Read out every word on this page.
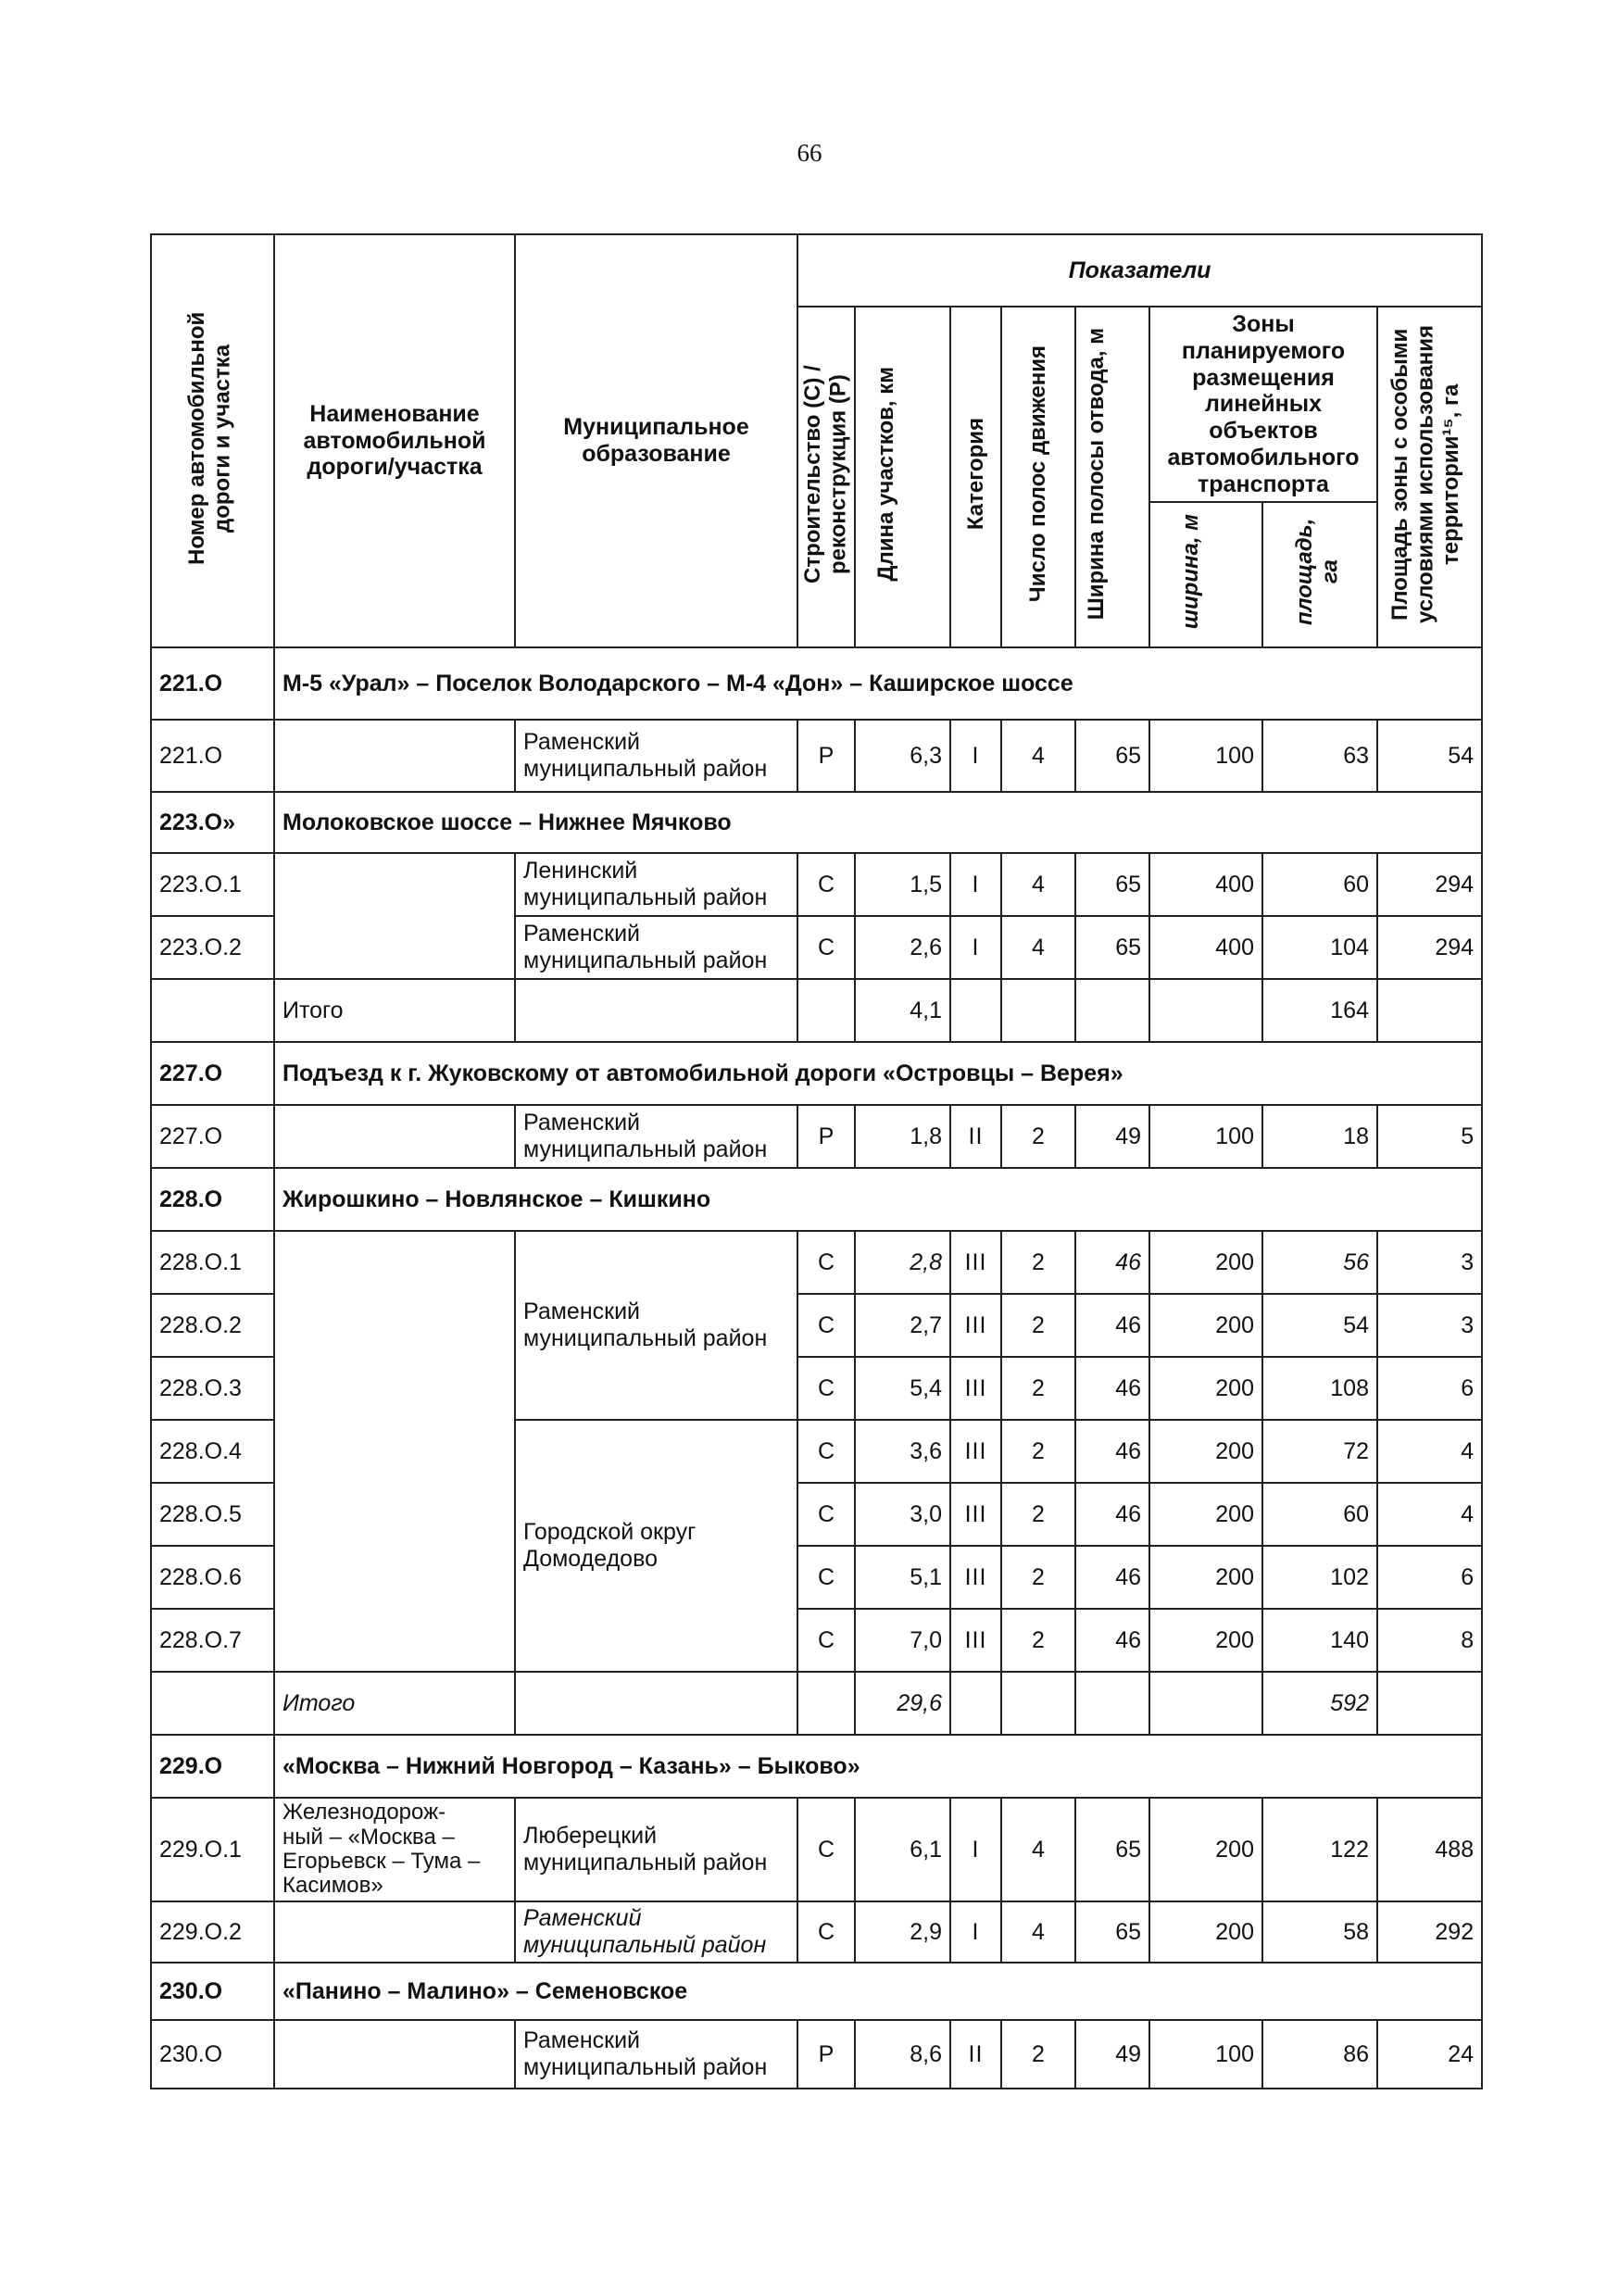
66
Номер автомобильной дороги и участка	Наименование автомобильной дороги/участка	Муниципальное образование	Показатели							
			Строительство (С) / реконструкция (Р)	Длина участков, км	Категория	Число полос движения	Ширина полосы отвода, м	Зоны планируемого размещения линейных объектов автомобильного транспорта		Площадь зоны с особыми условиями использования территории¹⁵, га
								ширина, м	площадь, га	
221.О	М-5 «Урал» – Поселок Володарского – М-4 «Дон» – Каширское шоссе									
221.О		Раменский муниципальный район	Р	6,3	I	4	65	100	63	54
223.О»	Молоковское шоссе – Нижнее Мячково									
223.О.1		Ленинский муниципальный район	С	1,5	I	4	65	400	60	294
223.О.2		Раменский муниципальный район	С	2,6	I	4	65	400	104	294
	Итого			4,1					164	
227.О	Подъезд к г. Жуковскому от автомобильной дороги «Островцы – Верея»									
227.О		Раменский муниципальный район	Р	1,8	II	2	49	100	18	5
228.О	Жирошкино – Новлянское – Кишкино									
228.О.1		Раменский муниципальный район	С	2,8	III	2	46	200	56	3
228.О.2			С	2,7	III	2	46	200	54	3
228.О.3			С	5,4	III	2	46	200	108	6
228.О.4		Городской округ Домодедово	С	3,6	III	2	46	200	72	4
228.О.5			С	3,0	III	2	46	200	60	4
228.О.6			С	5,1	III	2	46	200	102	6
228.О.7			С	7,0	III	2	46	200	140	8
	Итого			29,6					592	
229.О	«Москва – Нижний Новгород – Казань» – Быково»									
229.О.1	Железнодорож-ный – «Москва – Егорьевск – Тума – Касимов»	Люберецкий муниципальный район	С	6,1	I	4	65	200	122	488
229.О.2		Раменский муниципальный район	С	2,9	I	4	65	200	58	292
230.О	«Панино – Малино» – Семеновское									
230.О		Раменский муниципальный район	Р	8,6	II	2	49	100	86	24
